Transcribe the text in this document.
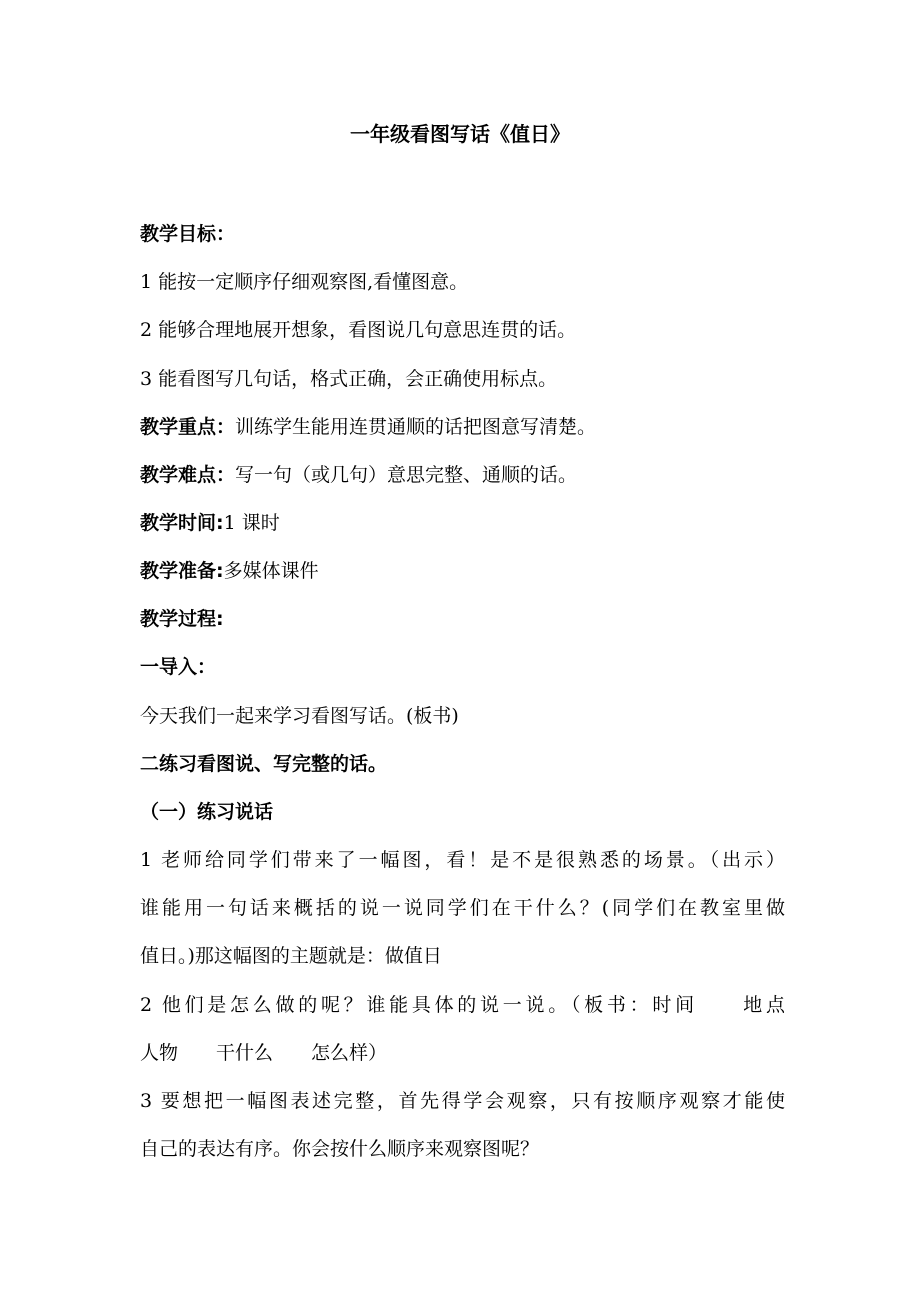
一年级看图写话《值日》
教学目标：
1 能按一定顺序仔细观察图,看懂图意。
2 能够合理地展开想象，看图说几句意思连贯的话。
3 能看图写几句话，格式正确，会正确使用标点。
教学重点：训练学生能用连贯通顺的话把图意写清楚。
教学难点：写一句（或几句）意思完整、通顺的话。
教学时间:1 课时
教学准备:多媒体课件
教学过程:
一导入：
今天我们一起来学习看图写话。(板书)
二练习看图说、写完整的话。
（一）练习说话
1 老师给同学们带来了一幅图，看！是不是很熟悉的场景。（出示）
谁能用一句话来概括的说一说同学们在干什么？(同学们在教室里做
值日。)那这幅图的主题就是：做值日
2 他们是怎么做的呢？谁能具体的说一说。（板书：时间　　地点
人物　　干什么　　怎么样）
3 要想把一幅图表述完整，首先得学会观察，只有按顺序观察才能使
自己的表达有序。你会按什么顺序来观察图呢？
